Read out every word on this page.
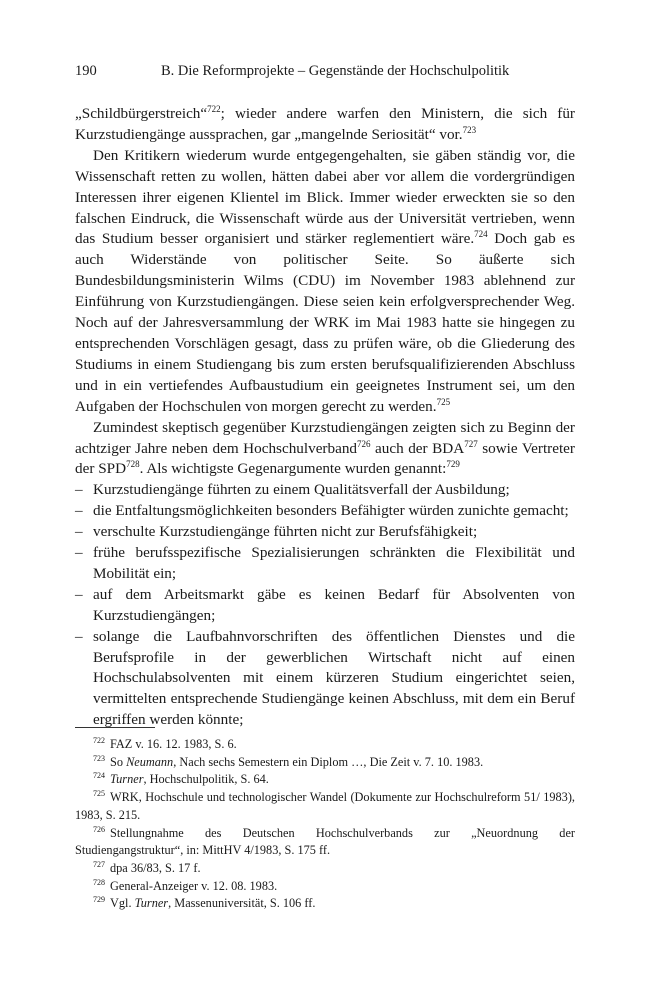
190	B. Die Reformprojekte – Gegenstände der Hochschulpolitik

„Schildbürgerstreich“$^{722}$; wieder andere warfen den Ministern, die sich für Kurzstudiengänge aussprachen, gar „mangelnde Seriosität“ vor.$^{723}$

Den Kritikern wiederum wurde entgegengehalten, sie gäben ständig vor, die Wissenschaft retten zu wollen, hätten dabei aber vor allem die vordergründigen Interessen ihrer eigenen Klientel im Blick. Immer wieder erweckten sie so den falschen Eindruck, die Wissenschaft würde aus der Universität vertrieben, wenn das Studium besser organisiert und stärker reglementiert wäre.$^{724}$ Doch gab es auch Widerstände von politischer Seite. So äußerte sich Bundesbildungsministerin Wilms (CDU) im November 1983 ablehnend zur Einführung von Kurzstudiengängen. Diese seien kein erfolgversprechender Weg. Noch auf der Jahresversammlung der WRK im Mai 1983 hatte sie hingegen zu entsprechenden Vorschlägen gesagt, dass zu prüfen wäre, ob die Gliederung des Studiums in einem Studiengang bis zum ersten berufsqualifizierenden Abschluss und in ein vertiefendes Aufbaustudium ein geeignetes Instrument sei, um den Aufgaben der Hochschulen von morgen gerecht zu werden.$^{725}$

Zumindest skeptisch gegenüber Kurzstudiengängen zeigten sich zu Beginn der achtziger Jahre neben dem Hochschulverband$^{726}$ auch der BDA$^{727}$ sowie Vertreter der SPD$^{728}$. Als wichtigste Gegenargumente wurden genannt:$^{729}$

– Kurzstudiengänge führten zu einem Qualitätsverfall der Ausbildung;
– die Entfaltungsmöglichkeiten besonders Befähigter würden zunichte gemacht;
– verschulte Kurzstudiengänge führten nicht zur Berufsfähigkeit;
– frühe berufsspezifische Spezialisierungen schränkten die Flexibilität und Mobilität ein;
– auf dem Arbeitsmarkt gäbe es keinen Bedarf für Absolventen von Kurzstudiengängen;
– solange die Laufbahnvorschriften des öffentlichen Dienstes und die Berufsprofile in der gewerblichen Wirtschaft nicht auf einen Hochschulabsolventen mit einem kürzeren Studium eingerichtet seien, vermittelten entsprechende Studiengänge keinen Abschluss, mit dem ein Beruf ergriffen werden könnte;
$^{722}$ FAZ v. 16. 12. 1983, S. 6.
$^{723}$ So Neumann, Nach sechs Semestern ein Diplom …, Die Zeit v. 7. 10. 1983.
$^{724}$ Turner, Hochschulpolitik, S. 64.
$^{725}$ WRK, Hochschule und technologischer Wandel (Dokumente zur Hochschulreform 51/ 1983), 1983, S. 215.
$^{726}$ Stellungnahme des Deutschen Hochschulverbands zur „Neuordnung der Studiengangstruktur“, in: MittHV 4/1983, S. 175 ff.
$^{727}$ dpa 36/83, S. 17 f.
$^{728}$ General-Anzeiger v. 12. 08. 1983.
$^{729}$ Vgl. Turner, Massenuniversität, S. 106 ff.
